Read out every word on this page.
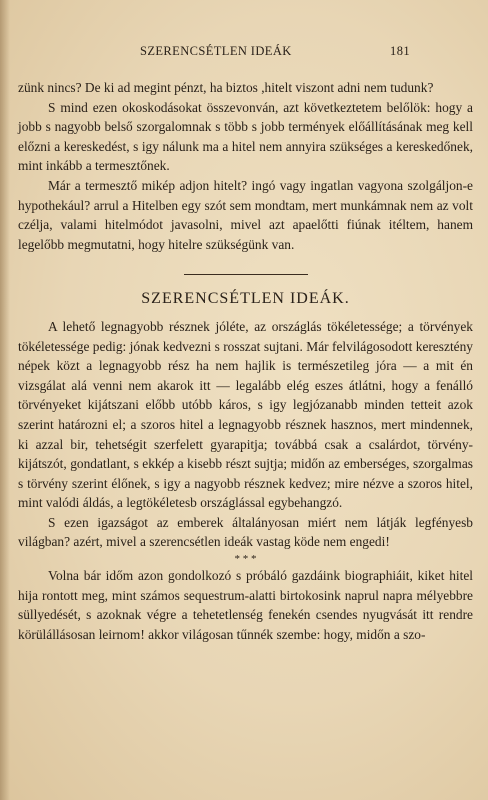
SZERENCSÉTLEN IDEÁK	181

zünk nincs? De ki ad megint pénzt, ha biztos ,hitelt viszont adni nem tudunk?

S mind ezen okoskodásokat összevonván, azt következtetem belőlök: hogy a jobb s nagyobb belső szorgalomnak s több s jobb termények előállításának meg kell előzni a kereskedést, s igy nálunk ma a hitel nem annyira szükséges a kereskedőnek, mint inkább a termesztőnek.

Már a termesztő mikép adjon hitelt? ingó vagy ingatlan vagyona szolgáljon-e hypothekául? arrul a Hitelben egy szót sem mondtam, mert munkámnak nem az volt czélja, valami hitelmódot javasolni, mivel azt apaelőtti fiúnak itéltem, hanem legelőbb megmutatni, hogy hitelre szükségünk van.

SZERENCSÉTLEN IDEÁK.

A lehető legnagyobb résznek jóléte, az országlás tökéletessége; a törvények tökéletessége pedig: jónak kedvezni s rosszat sujtani. Már felvilágosodott keresztény népek közt a legnagyobb rész ha nem hajlik is természetileg jóra — a mit én vizsgálat alá venni nem akarok itt — legalább elég eszes átlátni, hogy a fenálló törvényeket kijátszani előbb utóbb káros, s igy legjózanabb minden tetteit azok szerint határozni el; a szoros hitel a legnagyobb résznek hasznos, mert mindennek, ki azzal bir, tehetségit szerfelett gyarapitja; továbbá csak a csalárdot, törvény-kijátszót, gondatlant, s ekkép a kisebb részt sujtja; midőn az emberséges, szorgalmas s törvény szerint élőnek, s igy a nagyobb résznek kedvez; mire nézve a szoros hitel, mint valódi áldás, a legtökéletesb országlással egybehangzó.

S ezen igazságot az emberek általányosan miért nem látják legfényesb világban? azért, mivel a szerencsétlen ideák vastag köde nem engedi!

* * *

Volna bár időm azon gondolkozó s próbáló gazdáink biographiáit, kiket hitel hija rontott meg, mint számos sequestrum-alatti birtokosink naprul napra mélyebbre süllyedését, s azoknak végre a tehetetlenség fenekén csendes nyugvását itt rendre körülállásosan leirnom! akkor világosan tűnnék szembe: hogy, midőn a szo-
